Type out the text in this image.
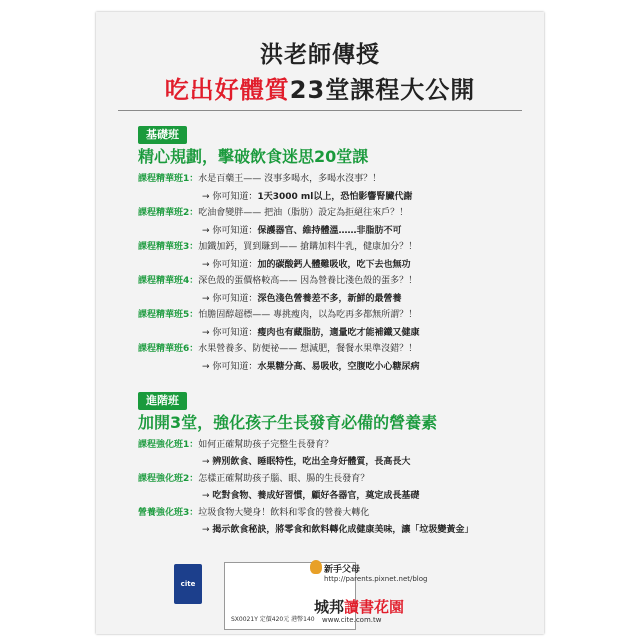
洪老師傳授
吃出好體質23堂課程大公開
基礎班
精心規劃，擊破飲食迷思20堂課
課程精華班1：水是百藥王—— 沒事多喝水，多喝水沒事？！
→ 你可知道：1天3000 ml以上，恐怕影響腎臟代謝
課程精華班2：吃油會變胖—— 把油（脂肪）設定為拒絕往來戶？！
→ 你可知道：保護器官、維持體溫……非脂肪不可
課程精華班3：加鐵加鈣，買到賺到—— 搶購加料牛乳，健康加分？！
→ 你可知道：加的碳酸鈣人體難吸收，吃下去也無功
課程精華班4：深色殼的蛋價格較高—— 因為營養比淺色殼的蛋多？！
→ 你可知道：深色淺色營養差不多，新鮮的最營養
課程精華班5：怕膽固醇超標—— 專挑瘦肉，以為吃再多都無所謂？！
→ 你可知道：瘦肉也有藏脂肪，適量吃才能補鐵又健康
課程精華班6：水果營養多、防便祕—— 想減肥，餐餐水果準沒錯？！
→ 你可知道：水果糖分高、易吸收，空腹吃小心糖尿病
進階班
加開3堂，強化孩子生長發育必備的營養素
課程強化班1：如何正確幫助孩子完整生長發育？
→ 辨別飲食、睡眠特性，吃出全身好體質，長高長大
課程強化班2：怎樣正確幫助孩子腦、眼、腸的生長發育？
→ 吃對食物、養成好習慣，顧好各器官，奠定成長基礎
營養強化班3：垃圾食物大變身！飲料和零食的營養大轉化
→ 揭示飲食秘訣，將零食和飲料轉化成健康美味，讓「垃圾變黃金」
SX0021Y 定價420元 港幣140
cite
新手父母
http://parents.pixnet.net/blog
城邦讀書花園
www.cite.com.tw
